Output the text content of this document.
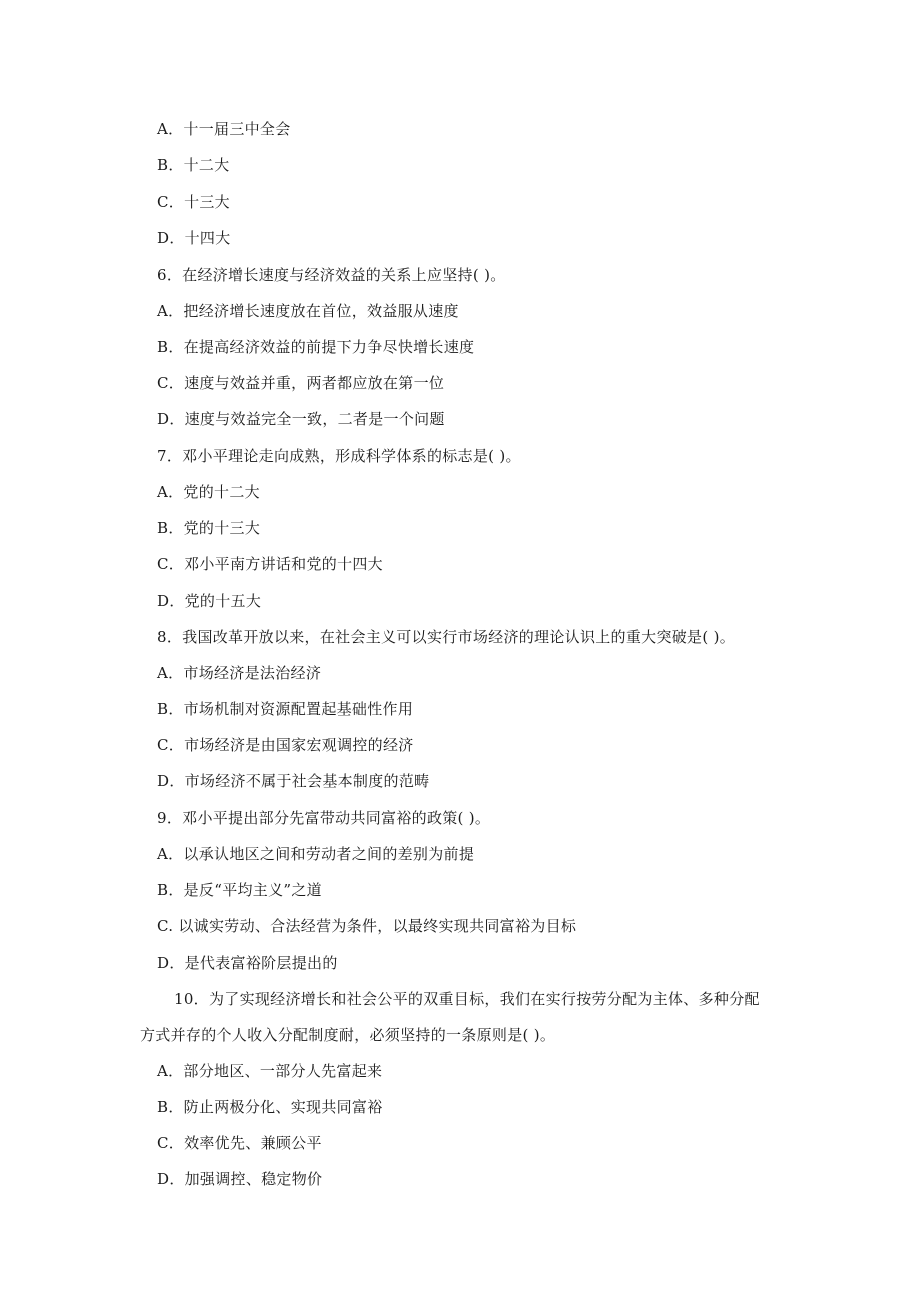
A．十一届三中全会
B．十二大
C．十三大
D．十四大
6．在经济增长速度与经济效益的关系上应坚持( )。
A．把经济增长速度放在首位，效益服从速度
B．在提高经济效益的前提下力争尽快增长速度
C．速度与效益并重，两者都应放在第一位
D．速度与效益完全一致，二者是一个问题
7．邓小平理论走向成熟，形成科学体系的标志是( )。
A．党的十二大
B．党的十三大
C．邓小平南方讲话和党的十四大
D．党的十五大
8．我国改革开放以来，在社会主义可以实行市场经济的理论认识上的重大突破是( )。
A．市场经济是法治经济
B．市场机制对资源配置起基础性作用
C．市场经济是由国家宏观调控的经济
D．市场经济不属于社会基本制度的范畴
9．邓小平提出部分先富带动共同富裕的政策( )。
A．以承认地区之间和劳动者之间的差别为前提
B．是反“平均主义”之道
C. 以诚实劳动、合法经营为条件，以最终实现共同富裕为目标
D．是代表富裕阶层提出的
10．为了实现经济增长和社会公平的双重目标，我们在实行按劳分配为主体、多种分配
方式并存的个人收入分配制度耐，必须坚持的一条原则是( )。
A．部分地区、一部分人先富起来
B．防止两极分化、实现共同富裕
C．效率优先、兼顾公平
D．加强调控、稳定物价
